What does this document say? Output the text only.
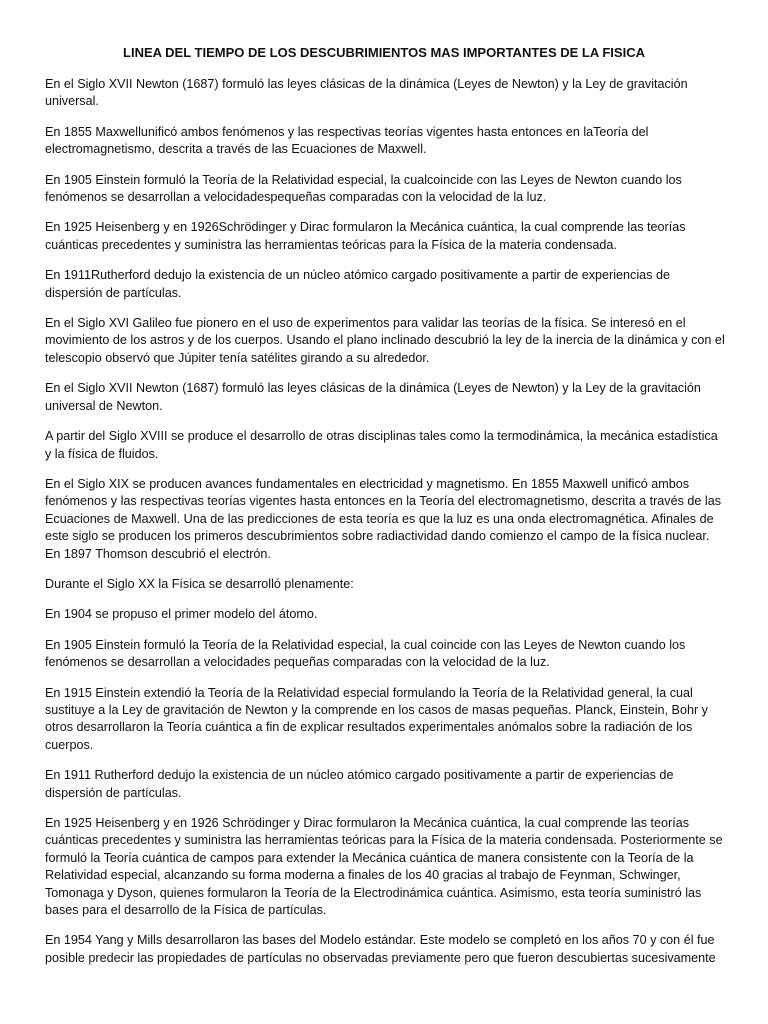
LINEA DEL TIEMPO DE LOS DESCUBRIMIENTOS MAS IMPORTANTES DE LA FISICA

En el Siglo XVII Newton (1687) formuló las leyes clásicas de la dinámica (Leyes de Newton) y la Ley de gravitación universal.

En 1855 Maxwellunificó ambos fenómenos y las respectivas teorías vigentes hasta entonces en laTeoría del electromagnetismo, descrita a través de las Ecuaciones de Maxwell.

En 1905 Einstein formuló la Teoría de la Relatividad especial, la cualcoincide con las Leyes de Newton cuando los fenómenos se desarrollan a velocidadespequeñas comparadas con la velocidad de la luz.

En 1925 Heisenberg y en 1926Schrödinger y Dirac formularon la Mecánica cuántica, la cual comprende las teorías cuánticas precedentes y suministra las herramientas teóricas para la Física de la materia condensada.

En 1911Rutherford dedujo la existencia de un núcleo atómico cargado positivamente a partir de experiencias de dispersión de partículas.

En el Siglo XVI Galileo fue pionero en el uso de experimentos para validar las teorías de la física. Se interesó en el movimiento de los astros y de los cuerpos. Usando el plano inclinado descubrió la ley de la inercia de la dinámica y con el telescopio observó que Júpiter tenía satélites girando a su alrededor.

En el Siglo XVII Newton (1687) formuló las leyes clásicas de la dinámica (Leyes de Newton) y la Ley de la gravitación universal de Newton.

A partir del Siglo XVIII se produce el desarrollo de otras disciplinas tales como la termodinámica, la mecánica estadística y la física de fluidos.

En el Siglo XIX se producen avances fundamentales en electricidad y magnetismo. En 1855 Maxwell unificó ambos fenómenos y las respectivas teorías vigentes hasta entonces en la Teoría del electromagnetismo, descrita a través de las Ecuaciones de Maxwell. Una de las predicciones de esta teoría es que la luz es una onda electromagnética. Afinales de este siglo se producen los primeros descubrimientos sobre radiactividad dando comienzo el campo de la física nuclear. En 1897 Thomson descubrió el electrón.

Durante el Siglo XX la Física se desarrolló plenamente:

En 1904 se propuso el primer modelo del átomo.

En 1905 Einstein formuló la Teoría de la Relatividad especial, la cual coincide con las Leyes de Newton cuando los fenómenos se desarrollan a velocidades pequeñas comparadas con la velocidad de la luz.

En 1915 Einstein extendió la Teoría de la Relatividad especial formulando la Teoría de la Relatividad general, la cual sustituye a la Ley de gravitación de Newton y la comprende en los casos de masas pequeñas. Planck, Einstein, Bohr y otros desarrollaron la Teoría cuántica a fin de explicar resultados experimentales anómalos sobre la radiación de los cuerpos.

En 1911 Rutherford dedujo la existencia de un núcleo atómico cargado positivamente a partir de experiencias de dispersión de partículas.

En 1925 Heisenberg y en 1926 Schrödinger y Dirac formularon la Mecánica cuántica, la cual comprende las teorías cuánticas precedentes y suministra las herramientas teóricas para la Física de la materia condensada. Posteriormente se formuló la Teoría cuántica de campos para extender la Mecánica cuántica de manera consistente con la Teoría de la Relatividad especial, alcanzando su forma moderna a finales de los 40 gracias al trabajo de Feynman, Schwinger, Tomonaga y Dyson, quienes formularon la Teoría de la Electrodinámica cuántica. Asimismo, esta teoría suministró las bases para el desarrollo de la Física de partículas.

En 1954 Yang y Mills desarrollaron las bases del Modelo estándar. Este modelo se completó en los años 70 y con él fue posible predecir las propiedades de partículas no observadas previamente pero que fueron descubiertas sucesivamente
